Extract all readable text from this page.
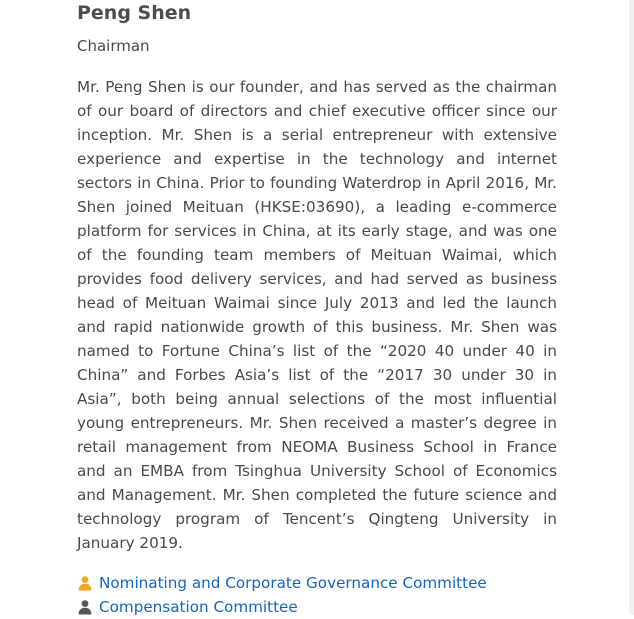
Peng Shen
Chairman

Mr. Peng Shen is our founder, and has served as the chairman of our board of directors and chief executive officer since our inception. Mr. Shen is a serial entrepreneur with extensive experience and expertise in the technology and internet sectors in China. Prior to founding Waterdrop in April 2016, Mr. Shen joined Meituan (HKSE:03690), a leading e-commerce platform for services in China, at its early stage, and was one of the founding team members of Meituan Waimai, which provides food delivery services, and had served as business head of Meituan Waimai since July 2013 and led the launch and rapid nationwide growth of this business. Mr. Shen was named to Fortune China’s list of the “2020 40 under 40 in China” and Forbes Asia’s list of the “2017 30 under 30 in Asia”, both being annual selections of the most influential young entrepreneurs. Mr. Shen received a master’s degree in retail management from NEOMA Business School in France and an EMBA from Tsinghua University School of Economics and Management. Mr. Shen completed the future science and technology program of Tencent’s Qingteng University in January 2019.

Nominating and Corporate Governance Committee
Compensation Committee
